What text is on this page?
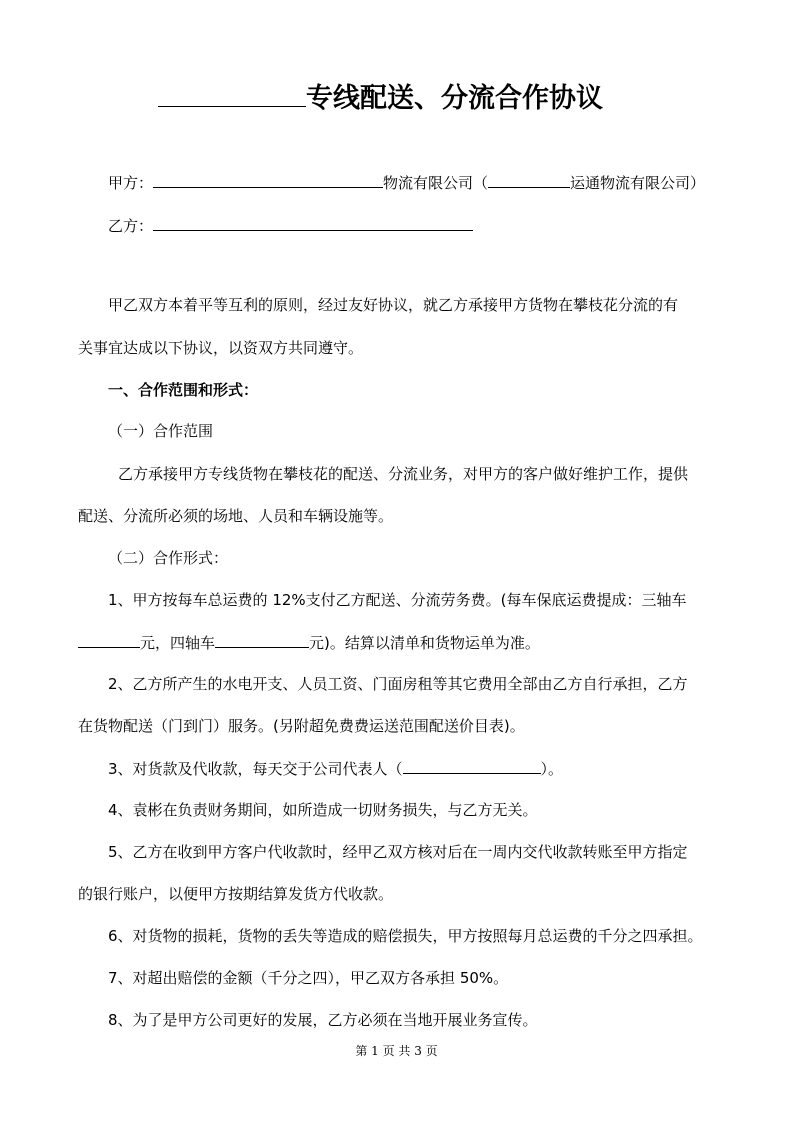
专线配送、分流合作协议
甲方：	物流有限公司（	运通物流有限公司）
乙方：
甲乙双方本着平等互利的原则，经过友好协议，就乙方承接甲方货物在攀枝花分流的有
关事宜达成以下协议，以资双方共同遵守。
一、合作范围和形式：
（一）合作范围
乙方承接甲方专线货物在攀枝花的配送、分流业务，对甲方的客户做好维护工作，提供
配送、分流所必须的场地、人员和车辆设施等。
（二）合作形式：
1、甲方按每车总运费的 12%支付乙方配送、分流劳务费。(每车保底运费提成：三轴车
元，四轴车	元)。结算以清单和货物运单为准。
2、乙方所产生的水电开支、人员工资、门面房租等其它费用全部由乙方自行承担，乙方
在货物配送（门到门）服务。(另附超免费费运送范围配送价目表)。
3、对货款及代收款，每天交于公司代表人（	）。
4、袁彬在负责财务期间，如所造成一切财务损失，与乙方无关。
5、乙方在收到甲方客户代收款时，经甲乙双方核对后在一周内交代收款转账至甲方指定
的银行账户，以便甲方按期结算发货方代收款。
6、对货物的损耗，货物的丢失等造成的赔偿损失，甲方按照每月总运费的千分之四承担。
7、对超出赔偿的金额（千分之四），甲乙双方各承担 50%。
8、为了是甲方公司更好的发展，乙方必须在当地开展业务宣传。
第 1 页 共 3 页
